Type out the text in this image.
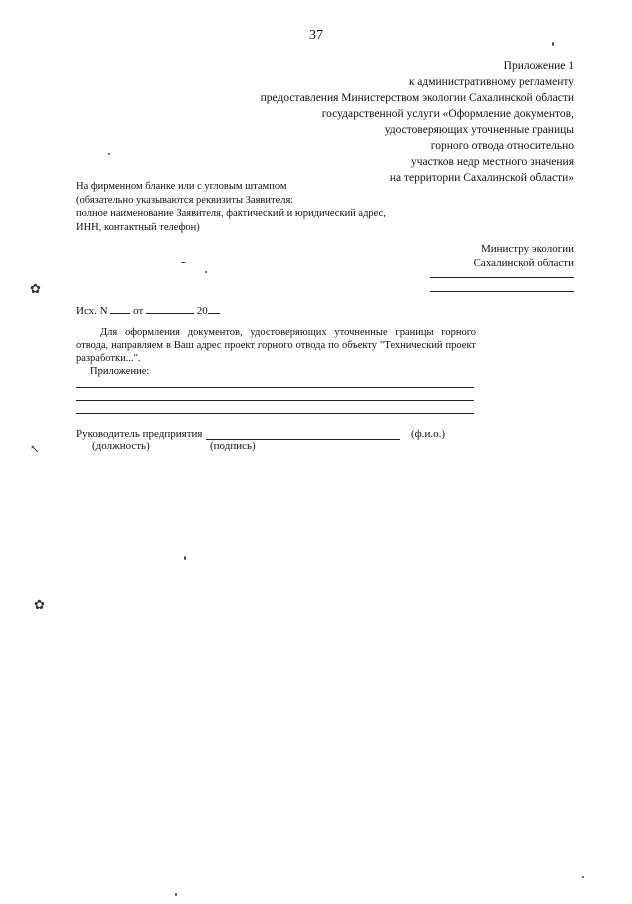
37
Приложение 1
к административному регламенту
предоставления Министерством экологии Сахалинской области
государственной услуги «Оформление документов,
удостоверяющих уточненные границы
горного отвода относительно
участков недр местного значения
на территории Сахалинской области»
На фирменном бланке или с угловым штампом
(обязательно указываются реквизиты Заявителя:
полное наименование Заявителя, фактический и юридический адрес,
ИНН, контактный телефон)
Министру экологии
Сахалинской области
Исх. N от	20

Для оформления документов, удостоверяющих уточненные границы горного отвода, направляем в Ваш адрес проект горного отвода по объекту "Технический проект разработки...".

Приложение:

Руководитель предприятия	(ф.и.о.)
(должность)	(подпись)
✿
↖
✿
